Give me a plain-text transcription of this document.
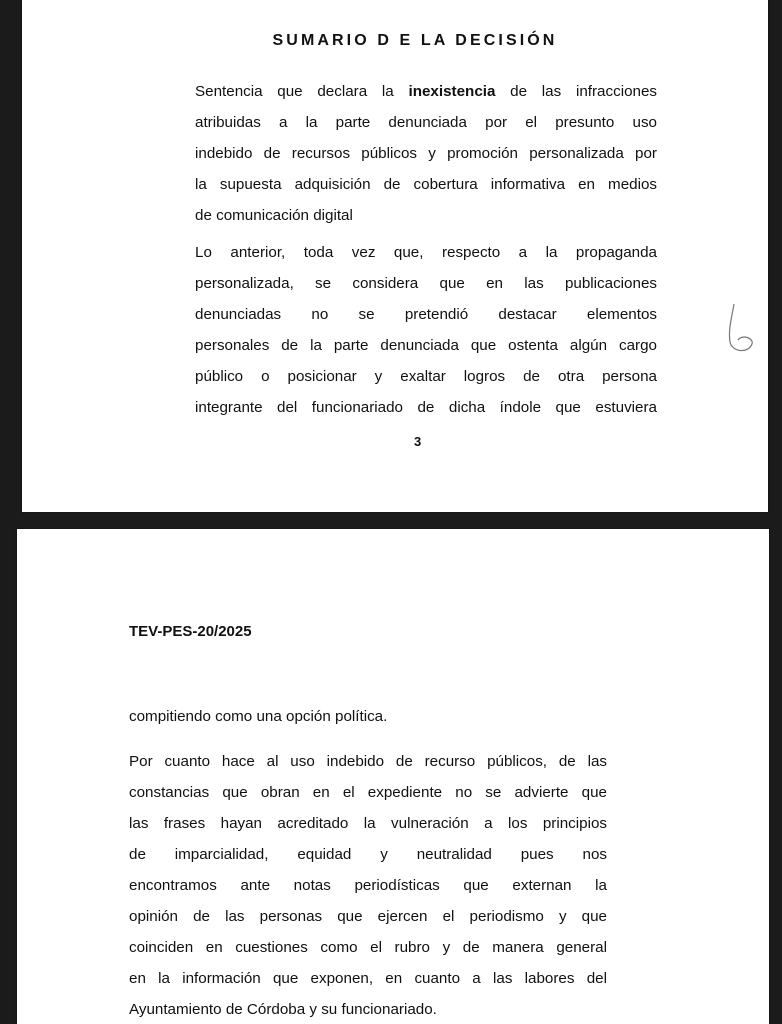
SUMARIO D E LA DECISIÓN
Sentencia que declara la inexistencia de las infracciones
atribuidas a la parte denunciada por el presunto uso
indebido de recursos públicos y promoción personalizada por
la supuesta adquisición de cobertura informativa en medios
de comunicación digital
Lo anterior, toda vez que, respecto a la propaganda
personalizada, se considera que en las publicaciones
denunciadas no se pretendió destacar elementos
personales de la parte denunciada que ostenta algún cargo
público o posicionar y exaltar logros de otra persona
integrante del funcionariado de dicha índole que estuviera
3
TEV-PES-20/2025
compitiendo como una opción política.
Por cuanto hace al uso indebido de recurso públicos, de las
constancias que obran en el expediente no se advierte que
las frases hayan acreditado la vulneración a los principios
de imparcialidad, equidad y neutralidad pues nos
encontramos ante notas periodísticas que externan la
opinión de las personas que ejercen el periodismo y que
coinciden en cuestiones como el rubro y de manera general
en la información que exponen, en cuanto a las labores del
Ayuntamiento de Córdoba y su funcionariado.
